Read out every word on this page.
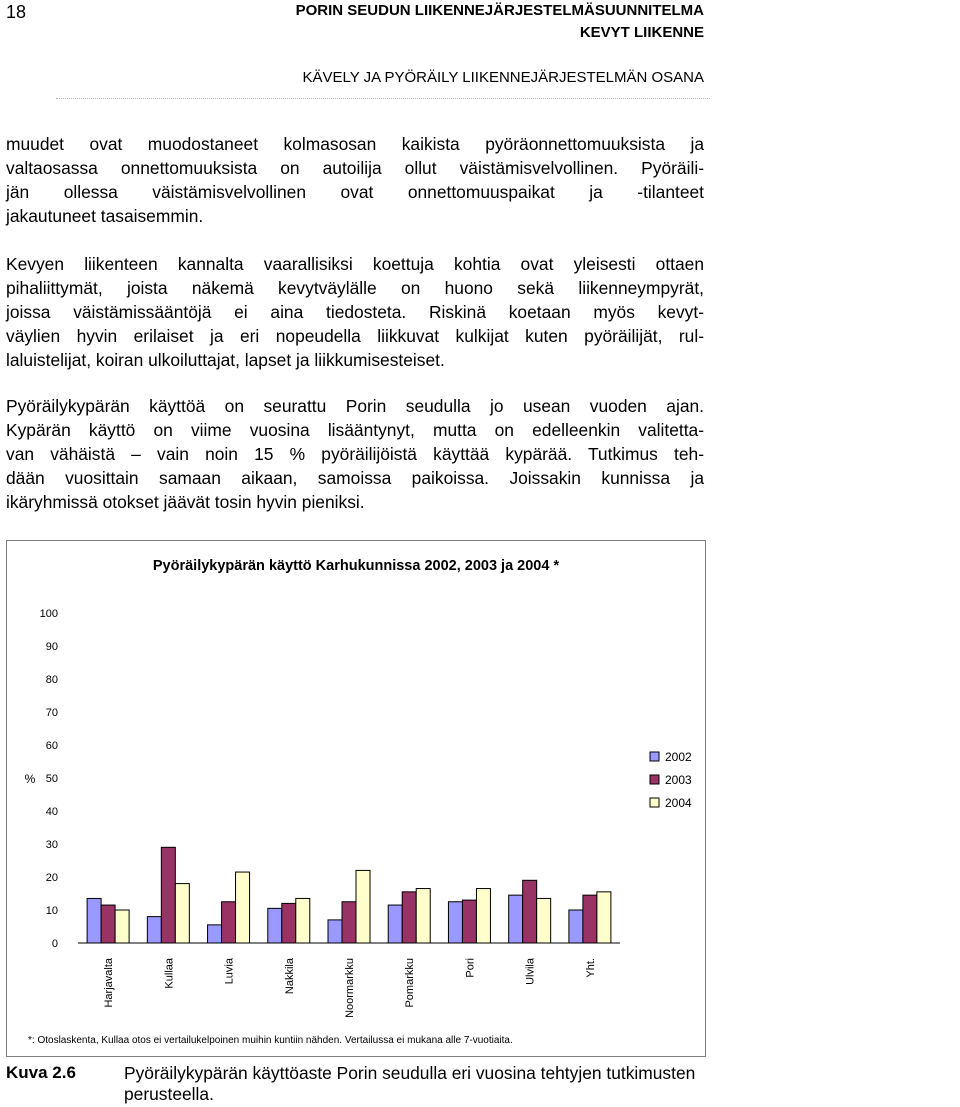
18	PORIN SEUDUN LIIKENNEJÄRJESTELMÄSUUNNITELMA
KEVYT LIIKENNE
KÄVELY JA PYÖRÄILY LIIKENNEJÄRJESTELMÄN OSANA
muudet ovat muodostaneet kolmasosan kaikista pyöräonnettomuuksista ja
valtaosassa onnettomuuksista on autoilija ollut väistämisvelvollinen. Pyöräili-
jän ollessa väistämisvelvollinen ovat onnettomuuspaikat ja -tilanteet
jakautuneet tasaisemmin.
Kevyen liikenteen kannalta vaarallisiksi koettuja kohtia ovat yleisesti ottaen
pihaliittymät, joista näkemä kevytväylälle on huono sekä liikenneympyrät,
joissa väistämissääntöjä ei aina tiedosteta. Riskinä koetaan myös kevyt-
väylien hyvin erilaiset ja eri nopeudella liikkuvat kulkijat kuten pyöräilijät, rul-
laluistelijat, koiran ulkoiluttajat, lapset ja liikkumisesteiset.
Pyöräilykypärän käyttöä on seurattu Porin seudulla jo usean vuoden ajan.
Kypärän käyttö on viime vuosina lisääntynyt, mutta on edelleenkin valitetta-
van vähäistä – vain noin 15 % pyöräilijöistä käyttää kypärää. Tutkimus teh-
dään vuosittain samaan aikaan, samoissa paikoissa. Joissakin kunnissa ja
ikäryhmissä otokset jäävät tosin hyvin pieniksi.
Pyöräilykypärän käyttö Karhukunnissa 2002, 2003 ja 2004 *
0
10
20
30
40
50
60
70
80
90
100
%
Harjavalta	Kullaa	Luvia	Nakkila	Noormarkku	Pomarkku	Pori	Ulvila	Yht.
2002
2003
2004
*: Otoslaskenta, Kullaa otos ei vertailukelpoinen muihin kuntiin nähden. Vertailussa ei mukana alle 7-vuotiaita.
Kuva 2.6	Pyöräilykypärän käyttöaste Porin seudulla eri vuosina tehtyjen tutkimusten perusteella.
